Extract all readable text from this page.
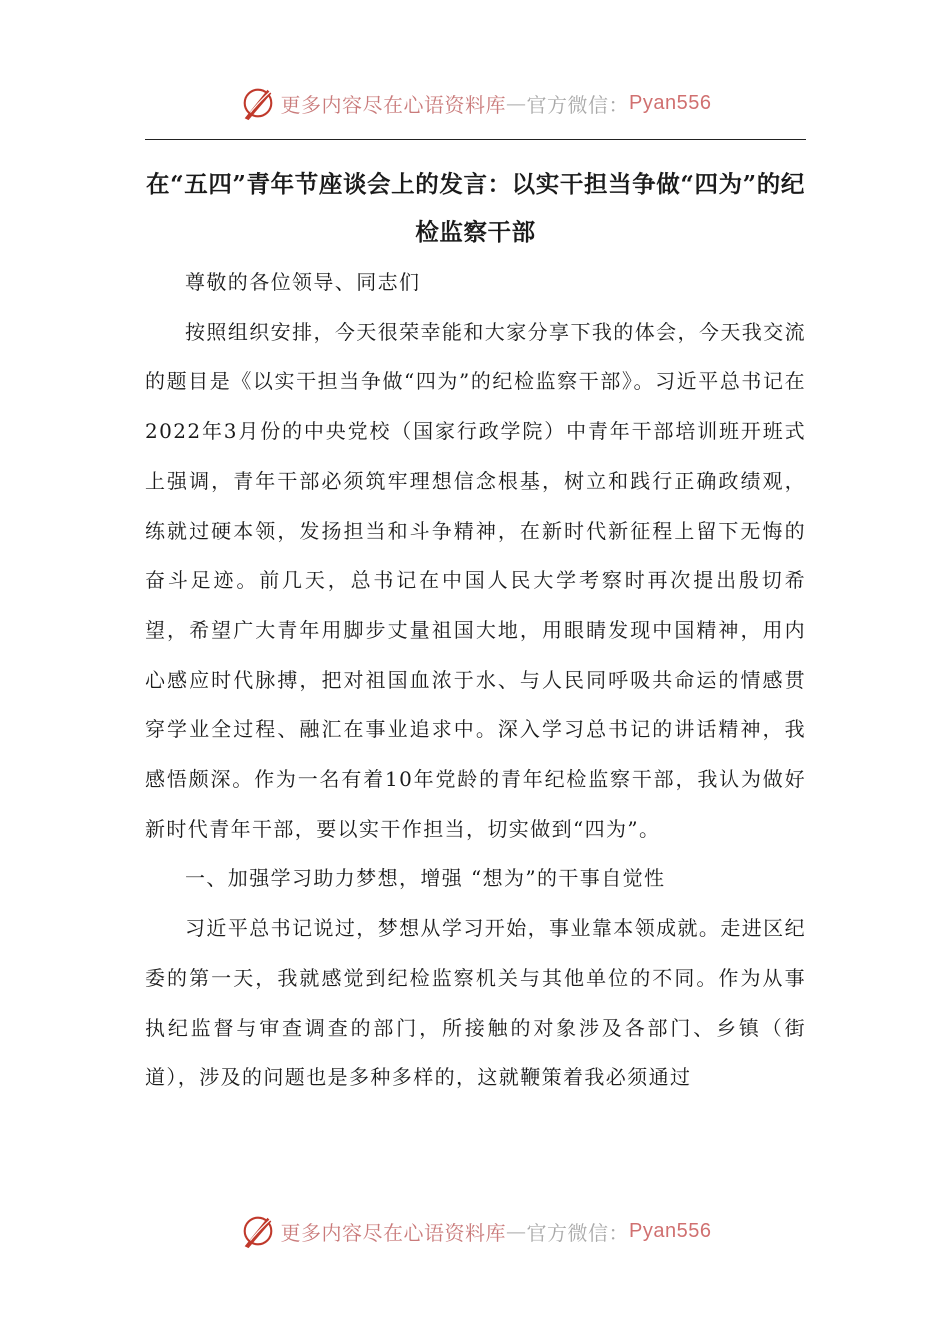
更多内容尽在心语资料库 — 官方微信： Pyan556
在“五四”青年节座谈会上的发言：以实干担当争做“四为”的纪检监察干部

尊敬的各位领导、同志们

按照组织安排，今天很荣幸能和大家分享下我的体会，今天我交流的题目是《以实干担当争做“四为”的纪检监察干部》。习近平总书记在2022年3月份的中央党校（国家行政学院）中青年干部培训班开班式上强调，青年干部必须筑牢理想信念根基，树立和践行正确政绩观，练就过硬本领，发扬担当和斗争精神，在新时代新征程上留下无悔的奋斗足迹。前几天，总书记在中国人民大学考察时再次提出殷切希望，希望广大青年用脚步丈量祖国大地，用眼睛发现中国精神，用内心感应时代脉搏，把对祖国血浓于水、与人民同呼吸共命运的情感贯穿学业全过程、融汇在事业追求中。深入学习总书记的讲话精神，我感悟颇深。作为一名有着10年党龄的青年纪检监察干部，我认为做好新时代青年干部，要以实干作担当，切实做到“四为”。

一、加强学习助力梦想，增强 “想为”的干事自觉性

习近平总书记说过，梦想从学习开始，事业靠本领成就。走进区纪委的第一天，我就感觉到纪检监察机关与其他单位的不同。作为从事执纪监督与审查调查的部门，所接触的对象涉及各部门、乡镇（街道），涉及的问题也是多种多样的，这就鞭策着我必须通过

更多内容尽在心语资料库 — 官方微信： Pyan556
